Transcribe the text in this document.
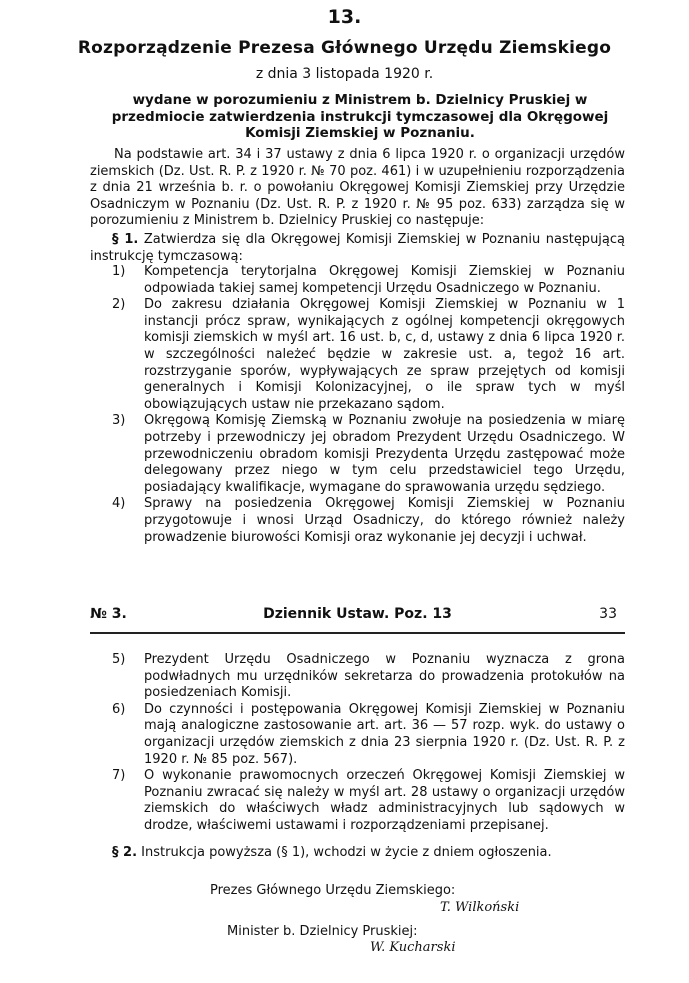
13.
Rozporządzenie Prezesa Głównego Urzędu Ziemskiego
z dnia 3 listopada 1920 r.
wydane w porozumieniu z Ministrem b. Dzielnicy Pruskiej w przedmiocie zatwierdzenia instrukcji tymczasowej dla Okręgowej Komisji Ziemskiej w Poznaniu.

Na podstawie art. 34 i 37 ustawy z dnia 6 lipca 1920 r. o organizacji urzędów ziemskich (Dz. Ust. R. P. z 1920 r. № 70 poz. 461) i w uzupełnieniu rozporządzenia z dnia 21 września b. r. o powołaniu Okręgowej Komisji Ziemskiej przy Urzędzie Osadniczym w Poznaniu (Dz. Ust. R. P. z 1920 r. № 95 poz. 633) zarządza się w porozumieniu z Ministrem b. Dzielnicy Pruskiej co następuje:

§ 1. Zatwierdza się dla Okręgowej Komisji Ziemskiej w Poznaniu następującą instrukcję tymczasową:

1) Kompetencja terytorjalna Okręgowej Komisji Ziemskiej w Poznaniu odpowiada takiej samej kompetencji Urzędu Osadniczego w Poznaniu.

2) Do zakresu działania Okręgowej Komisji Ziemskiej w Poznaniu w 1 instancji prócz spraw, wynikających z ogólnej kompetencji okręgowych komisji ziemskich w myśl art. 16 ust. b, c, d, ustawy z dnia 6 lipca 1920 r. w szczególności należeć będzie w zakresie ust. a, tegoż 16 art. rozstrzyganie sporów, wypływających ze spraw przejętych od komisji generalnych i Komisji Kolonizacyjnej, o ile spraw tych w myśl obowiązujących ustaw nie przekazano sądom.

3) Okręgową Komisję Ziemską w Poznaniu zwołuje na posiedzenia w miarę potrzeby i przewodniczy jej obradom Prezydent Urzędu Osadniczego. W przewodniczeniu obradom komisji Prezydenta Urzędu zastępować może delegowany przez niego w tym celu przedstawiciel tego Urzędu, posiadający kwalifikacje, wymagane do sprawowania urzędu sędziego.

4) Sprawy na posiedzenia Okręgowej Komisji Ziemskiej w Poznaniu przygotowuje i wnosi Urząd Osadniczy, do którego również należy prowadzenie biurowości Komisji oraz wykonanie jej decyzji i uchwał.

Dziennik Ustaw. Poz. 13
№ 3.	33

5) Prezydent Urzędu Osadniczego w Poznaniu wyznacza z grona podwładnych mu urzędników sekretarza do prowadzenia protokułów na posiedzeniach Komisji.

6) Do czynności i postępowania Okręgowej Komisji Ziemskiej w Poznaniu mają analogiczne zastosowanie art. art. 36 — 57 rozp. wyk. do ustawy o organizacji urzędów ziemskich z dnia 23 sierpnia 1920 r. (Dz. Ust. R. P. z 1920 r. № 85 poz. 567).

7) O wykonanie prawomocnych orzeczeń Okręgowej Komisji Ziemskiej w Poznaniu zwracać się należy w myśl art. 28 ustawy o organizacji urzędów ziemskich do właściwych władz administracyjnych lub sądowych w drodze, właściwemi ustawami i rozporządzeniami przepisanej.

§ 2. Instrukcja powyższa (§ 1), wchodzi w życie z dniem ogłoszenia.

Prezes Głównego Urzędu Ziemskiego:
T. Wilkoński
Minister b. Dzielnicy Pruskiej:
W. Kucharski
